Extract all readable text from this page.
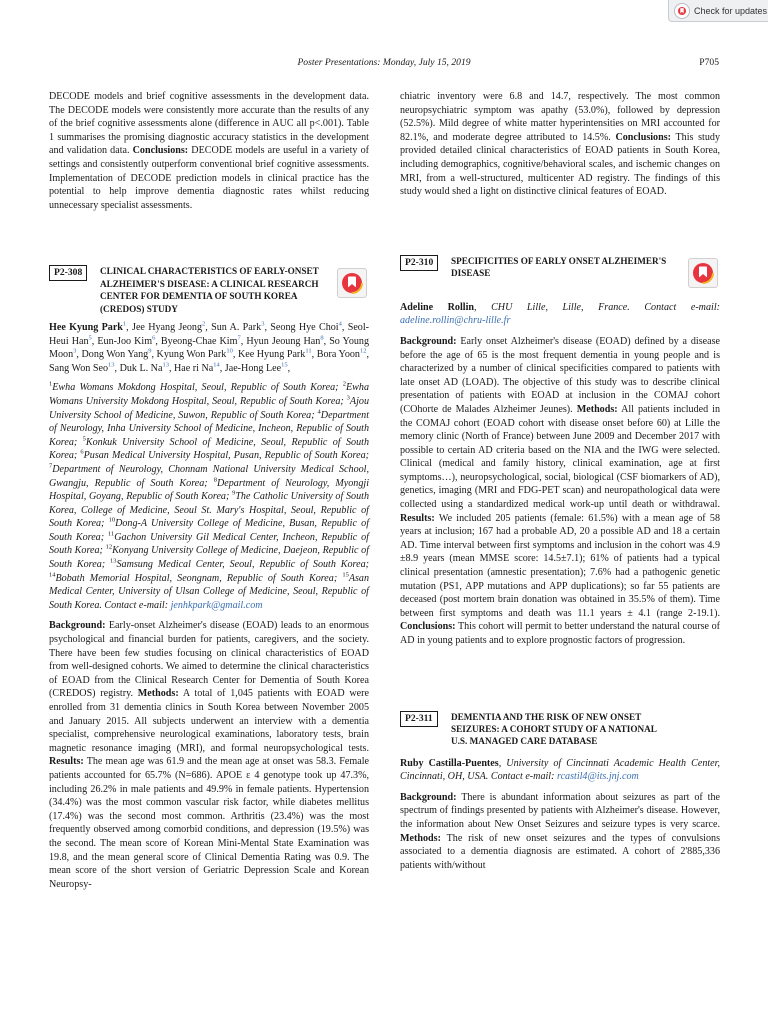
Check for updates
Poster Presentations: Monday, July 15, 2019	P705

DECODE models and brief cognitive assessments in the development data. The DECODE models were consistently more accurate than the results of any of the brief cognitive assessments alone (difference in AUC all p<.001). Table 1 summarises the promising diagnostic accuracy statistics in the development and validation data. Conclusions: DECODE models are useful in a variety of settings and consistently outperform conventional brief cognitive assessments. Implementation of DECODE prediction models in clinical practice has the potential to help improve dementia diagnostic rates whilst reducing unnecessary specialist assessments.

P2-308	CLINICAL CHARACTERISTICS OF EARLY-ONSET ALZHEIMER'S DISEASE: A CLINICAL RESEARCH CENTER FOR DEMENTIA OF SOUTH KOREA (CREDOS) STUDY

Hee Kyung Park$^1$, Jee Hyang Jeong$^2$, Sun A. Park$^3$, Seong Hye Choi$^4$, Seol-Heui Han$^5$, Eun-Joo Kim$^6$, Byeong-Chae Kim$^7$, Hyun Jeoung Han$^8$, So Young Moon$^3$, Dong Won Yang$^9$, Kyung Won Park$^{10}$, Kee Hyung Park$^{11}$, Bora Yoon$^{12}$, Sang Won Seo$^{13}$, Duk L. Na$^{13}$, Hae ri Na$^{14}$, Jae-Hong Lee$^{15}$,

$^1$Ewha Womans Mokdong Hospital, Seoul, Republic of South Korea; $^2$Ewha Womans University Mokdong Hospital, Seoul, Republic of South Korea; $^3$Ajou University School of Medicine, Suwon, Republic of South Korea; $^4$Department of Neurology, Inha University School of Medicine, Incheon, Republic of South Korea; $^5$Konkuk University School of Medicine, Seoul, Republic of South Korea; $^6$Pusan Medical University Hospital, Pusan, Republic of South Korea; $^7$Department of Neurology, Chonnam National University Medical School, Gwangju, Republic of South Korea; $^8$Department of Neurology, Myongji Hospital, Goyang, Republic of South Korea; $^9$The Catholic University of South Korea, College of Medicine, Seoul St. Mary's Hospital, Seoul, Republic of South Korea; $^{10}$Dong-A University College of Medicine, Busan, Republic of South Korea; $^{11}$Gachon University Gil Medical Center, Incheon, Republic of South Korea; $^{12}$Konyang University College of Medicine, Daejeon, Republic of South Korea; $^{13}$Samsung Medical Center, Seoul, Republic of South Korea; $^{14}$Bobath Memorial Hospital, Seongnam, Republic of South Korea; $^{15}$Asan Medical Center, University of Ulsan College of Medicine, Seoul, Republic of South Korea. Contact e-mail: jenhkpark@gmail.com

Background: Early-onset Alzheimer's disease (EOAD) leads to an enormous psychological and financial burden for patients, caregivers, and the society. There have been few studies focusing on clinical characteristics of EOAD from well-designed cohorts. We aimed to determine the clinical characteristics of EOAD from the Clinical Research Center for Dementia of South Korea (CREDOS) registry. Methods: A total of 1,045 patients with EOAD were enrolled from 31 dementia clinics in South Korea between November 2005 and January 2015. All subjects underwent an interview with a dementia specialist, comprehensive neurological examinations, laboratory tests, brain magnetic resonance imaging (MRI), and formal neuropsychological tests. Results: The mean age was 61.9 and the mean age at onset was 58.3. Female patients accounted for 65.7% (N=686). APOE ε 4 genotype took up 47.3%, including 26.2% in male patients and 49.9% in female patients. Hypertension (34.4%) was the most common vascular risk factor, while diabetes mellitus (17.4%) was the second most common. Arthritis (23.4%) was the most frequently observed among comorbid conditions, and depression (19.5%) was the second. The mean score of Korean Mini-Mental State Examination was 19.8, and the mean general score of Clinical Dementia Rating was 0.9. The mean score of the short version of Geriatric Depression Scale and Korean Neuropsy-

chiatric inventory were 6.8 and 14.7, respectively. The most common neuropsychiatric symptom was apathy (53.0%), followed by depression (52.5%). Mild degree of white matter hyperintensities on MRI accounted for 82.1%, and moderate degree attributed to 14.5%. Conclusions: This study provided detailed clinical characteristics of EOAD patients in South Korea, including demographics, cognitive/behavioral scales, and ischemic changes on MRI, from a well-structured, multicenter AD registry. The findings of this study would shed a light on distinctive clinical features of EOAD.

P2-310	SPECIFICITIES OF EARLY ONSET ALZHEIMER'S DISEASE

Adeline Rollin, CHU Lille, Lille, France. Contact e-mail: adeline.rollin@chru-lille.fr

Background: Early onset Alzheimer's disease (EOAD) defined by a disease before the age of 65 is the most frequent dementia in young people and is characterized by a number of clinical specificities compared to patients with late onset AD (LOAD). The objective of this study was to describe clinical presentation of patients with EOAD at inclusion in the COMAJ cohort (COhorte de Malades Alzheimer Jeunes). Methods: All patients included in the COMAJ cohort (EOAD cohort with disease onset before 60) at Lille the memory clinic (North of France) between June 2009 and December 2017 with possible to certain AD criteria based on the NIA and the IWG were selected. Clinical (medical and family history, clinical examination, age at first symptoms…), neuropsychological, social, biological (CSF biomarkers of AD), genetics, imaging (MRI and FDG-PET scan) and neuropathological data were collected using a standardized medical work-up until death or withdrawal. Results: We included 205 patients (female: 61.5%) with a mean age of 58 years at inclusion; 167 had a probable AD, 20 a possible AD and 18 a certain AD. Time interval between first symptoms and inclusion in the cohort was 4.9 ±8.9 years (mean MMSE score: 14.5±7.1); 61% of patients had a typical clinical presentation (amnestic presentation); 7.6% had a pathogenic genetic mutation (PS1, APP mutations and APP duplications); so far 55 patients are deceased (post mortem brain donation was obtained in 35.5% of them). Time between first symptoms and death was 11.1 years ± 4.1 (range 2-19.1). Conclusions: This cohort will permit to better understand the natural course of AD in young patients and to explore prognostic factors of progression.

P2-311	DEMENTIA AND THE RISK OF NEW ONSET SEIZURES: A COHORT STUDY OF A NATIONAL U.S. MANAGED CARE DATABASE

Ruby Castilla-Puentes, University of Cincinnati Academic Health Center, Cincinnati, OH, USA. Contact e-mail: rcastil4@its.jnj.com

Background: There is abundant information about seizures as part of the spectrum of findings presented by patients with Alzheimer's disease. However, the information about New Onset Seizures and seizure types is very scarce. Methods: The risk of new onset seizures and the types of convulsions associated to a dementia diagnosis are estimated. A cohort of 2'885,336 patients with/without
